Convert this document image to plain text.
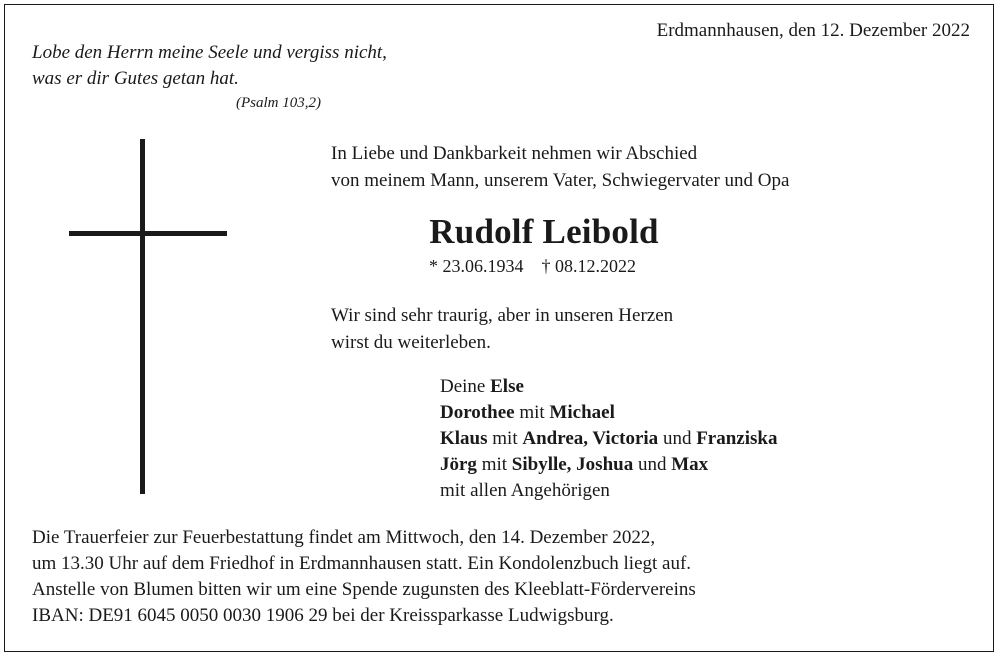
Erdmannhausen, den 12. Dezember 2022
Lobe den Herrn meine Seele und vergiss nicht,
was er dir Gutes getan hat.
(Psalm 103,2)
In Liebe und Dankbarkeit nehmen wir Abschied
von meinem Mann, unserem Vater, Schwiegervater und Opa
Rudolf Leibold
* 23.06.1934 † 08.12.2022
Wir sind sehr traurig, aber in unseren Herzen
wirst du weiterleben.
Deine Else
Dorothee mit Michael
Klaus mit Andrea, Victoria und Franziska
Jörg mit Sibylle, Joshua und Max
mit allen Angehörigen
Die Trauerfeier zur Feuerbestattung findet am Mittwoch, den 14. Dezember 2022,
um 13.30 Uhr auf dem Friedhof in Erdmannhausen statt. Ein Kondolenzbuch liegt auf.
Anstelle von Blumen bitten wir um eine Spende zugunsten des Kleeblatt-Fördervereins
IBAN: DE91 6045 0050 0030 1906 29 bei der Kreissparkasse Ludwigsburg.
